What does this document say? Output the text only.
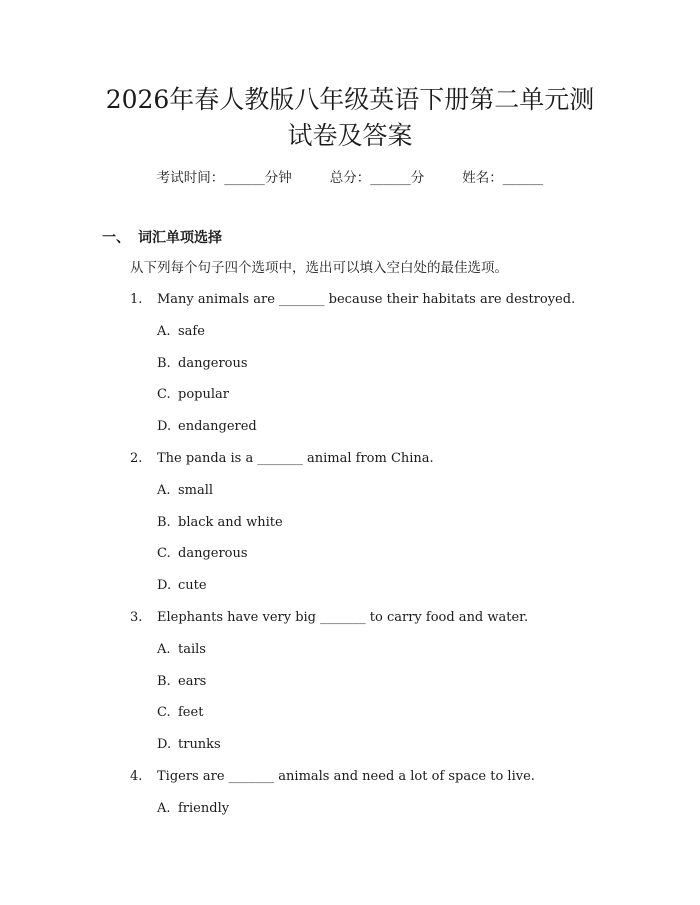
2026年春人教版八年级英语下册第二单元测
试卷及答案
考试时间：______分钟	总分：______分	姓名：______
一、 词汇单项选择
从下列每个句子四个选项中，选出可以填入空白处的最佳选项。
1. Many animals are _______ because their habitats are destroyed.
A. safe
B. dangerous
C. popular
D. endangered
2. The panda is a _______ animal from China.
A. small
B. black and white
C. dangerous
D. cute
3. Elephants have very big _______ to carry food and water.
A. tails
B. ears
C. feet
D. trunks
4. Tigers are _______ animals and need a lot of space to live.
A. friendly
